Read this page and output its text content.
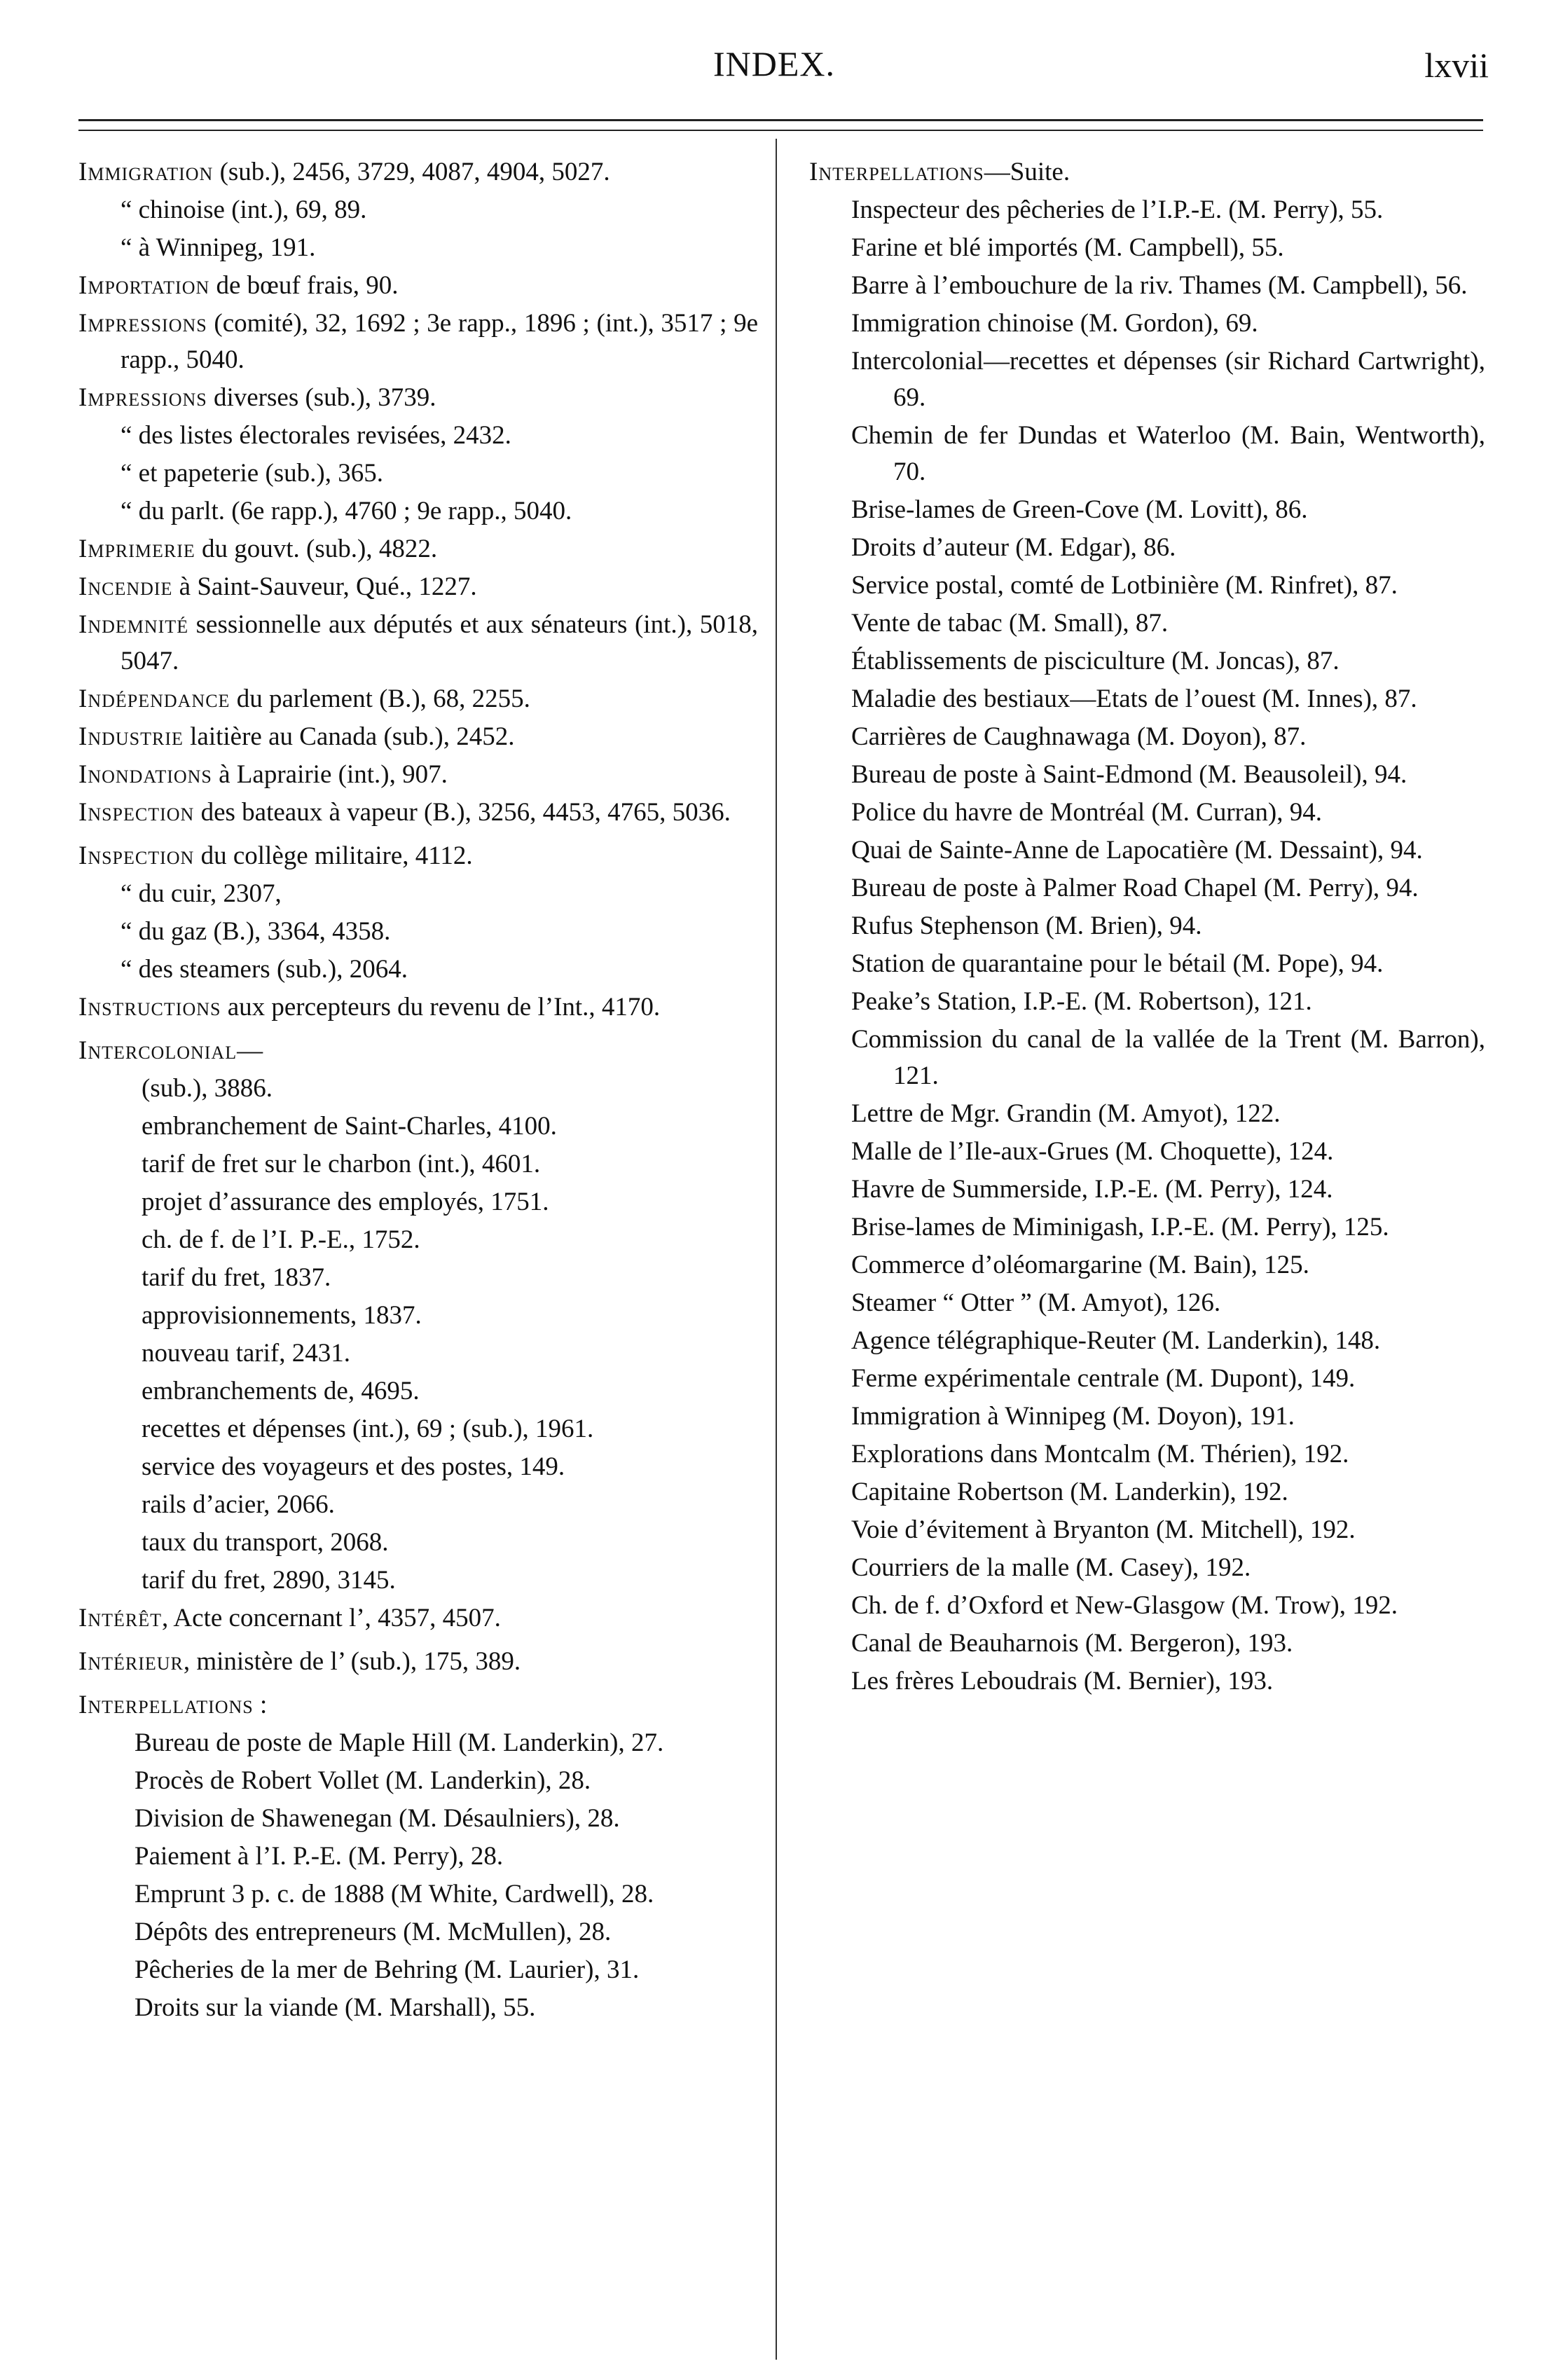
INDEX.	lxvii
Immigration (sub.), 2456, 3729, 4087, 4904, 5027.
“ chinoise (int.), 69, 89.
“ à Winnipeg, 191.
Importation de bœuf frais, 90.
Impressions (comité), 32, 1692 ; 3e rapp., 1896 ; (int.), 3517 ; 9e rapp., 5040.
Impressions diverses (sub.), 3739.
“ des listes électorales revisées, 2432.
“ et papeterie (sub.), 365.
“ du parlt. (6e rapp.), 4760 ; 9e rapp., 5040.
Imprimerie du gouvt. (sub.), 4822.
Incendie à Saint-Sauveur, Qué., 1227.
Indemnité sessionnelle aux députés et aux sénateurs (int.), 5018, 5047.
Indépendance du parlement (B.), 68, 2255.
Industrie laitière au Canada (sub.), 2452.
Inondations à Laprairie (int.), 907.
Inspection des bateaux à vapeur (B.), 3256, 4453, 4765, 5036.
Inspection du collège militaire, 4112.
“ du cuir, 2307,
“ du gaz (B.), 3364, 4358.
“ des steamers (sub.), 2064.
Instructions aux percepteurs du revenu de l’Int., 4170.
Intercolonial—
(sub.), 3886.
embranchement de Saint-Charles, 4100.
tarif de fret sur le charbon (int.), 4601.
projet d’assurance des employés, 1751.
ch. de f. de l’I. P.-E., 1752.
tarif du fret, 1837.
approvisionnements, 1837.
nouveau tarif, 2431.
embranchements de, 4695.
recettes et dépenses (int.), 69 ; (sub.), 1961.
service des voyageurs et des postes, 149.
rails d’acier, 2066.
taux du transport, 2068.
tarif du fret, 2890, 3145.
Intérêt, Acte concernant l’, 4357, 4507.
Intérieur, ministère de l’ (sub.), 175, 389.
Interpellations :
Bureau de poste de Maple Hill (M. Landerkin), 27.
Procès de Robert Vollet (M. Landerkin), 28.
Division de Shawenegan (M. Désaulniers), 28.
Paiement à l’I. P.-E. (M. Perry), 28.
Emprunt 3 p. c. de 1888 (M White, Cardwell), 28.
Dépôts des entrepreneurs (M. McMullen), 28.
Pêcheries de la mer de Behring (M. Laurier), 31.
Droits sur la viande (M. Marshall), 55.
Interpellations—Suite.
Inspecteur des pêcheries de l’I.P.-E. (M. Perry), 55.
Farine et blé importés (M. Campbell), 55.
Barre à l’embouchure de la riv. Thames (M. Campbell), 56.
Immigration chinoise (M. Gordon), 69.
Intercolonial—recettes et dépenses (sir Richard Cartwright), 69.
Chemin de fer Dundas et Waterloo (M. Bain, Wentworth), 70.
Brise-lames de Green-Cove (M. Lovitt), 86.
Droits d’auteur (M. Edgar), 86.
Service postal, comté de Lotbinière (M. Rinfret), 87.
Vente de tabac (M. Small), 87.
Établissements de pisciculture (M. Joncas), 87.
Maladie des bestiaux—Etats de l’ouest (M. Innes), 87.
Carrières de Caughnawaga (M. Doyon), 87.
Bureau de poste à Saint-Edmond (M. Beausoleil), 94.
Police du havre de Montréal (M. Curran), 94.
Quai de Sainte-Anne de Lapocatière (M. Dessaint), 94.
Bureau de poste à Palmer Road Chapel (M. Perry), 94.
Rufus Stephenson (M. Brien), 94.
Station de quarantaine pour le bétail (M. Pope), 94.
Peake’s Station, I.P.-E. (M. Robertson), 121.
Commission du canal de la vallée de la Trent (M. Barron), 121.
Lettre de Mgr. Grandin (M. Amyot), 122.
Malle de l’Ile-aux-Grues (M. Choquette), 124.
Havre de Summerside, I.P.-E. (M. Perry), 124.
Brise-lames de Miminigash, I.P.-E. (M. Perry), 125.
Commerce d’oléomargarine (M. Bain), 125.
Steamer “ Otter ” (M. Amyot), 126.
Agence télégraphique-Reuter (M. Landerkin), 148.
Ferme expérimentale centrale (M. Dupont), 149.
Immigration à Winnipeg (M. Doyon), 191.
Explorations dans Montcalm (M. Thérien), 192.
Capitaine Robertson (M. Landerkin), 192.
Voie d’évitement à Bryanton (M. Mitchell), 192.
Courriers de la malle (M. Casey), 192.
Ch. de f. d’Oxford et New-Glasgow (M. Trow), 192.
Canal de Beauharnois (M. Bergeron), 193.
Les frères Leboudrais (M. Bernier), 193.
